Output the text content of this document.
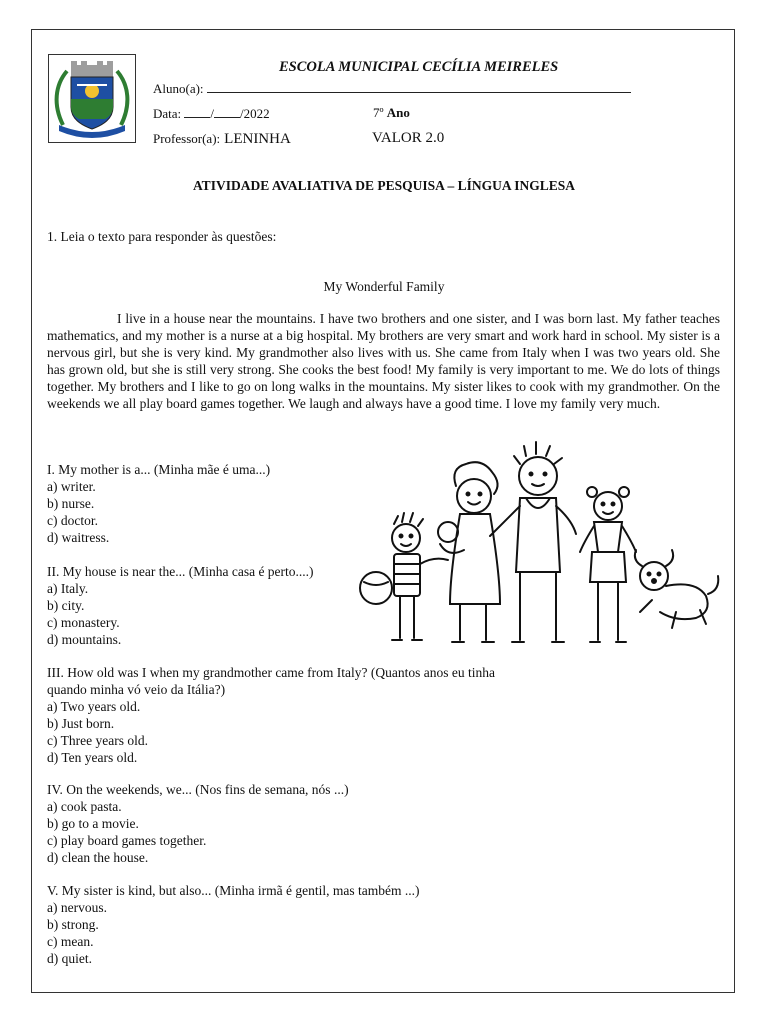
ESCOLA MUNICIPAL CECÍLIA MEIRELES
Aluno(a):
Data: / /2022	7º Ano
Professor(a): LENINHA	VALOR 2.0
ATIVIDADE AVALIATIVA DE PESQUISA – LÍNGUA INGLESA
1. Leia o texto para responder às questões:
My Wonderful Family
I live in a house near the mountains. I have two brothers and one sister, and I was born last. My father teaches mathematics, and my mother is a nurse at a big hospital. My brothers are very smart and work hard in school. My sister is a nervous girl, but she is very kind. My grandmother also lives with us. She came from Italy when I was two years old. She has grown old, but she is still very strong. She cooks the best food! My family is very important to me. We do lots of things together. My brothers and I like to go on long walks in the mountains. My sister likes to cook with my grandmother. On the weekends we all play board games together. We laugh and always have a good time. I love my family very much.
I. My mother is a... (Minha mãe é uma...)
a) writer.
b) nurse.
c) doctor.
d) waitress.
II. My house is near the... (Minha casa é perto....)
a) Italy.
b) city.
c) monastery.
d) mountains.
III. How old was I when my grandmother came from Italy? (Quantos anos eu tinha
quando minha vó veio da Itália?)
a) Two years old.
b) Just born.
c) Three years old.
d) Ten years old.
IV. On the weekends, we... (Nos fins de semana, nós ...)
a) cook pasta.
b) go to a movie.
c) play board games together.
d) clean the house.
V. My sister is kind, but also... (Minha irmã é gentil, mas também ...)
a) nervous.
b) strong.
c) mean.
d) quiet.
